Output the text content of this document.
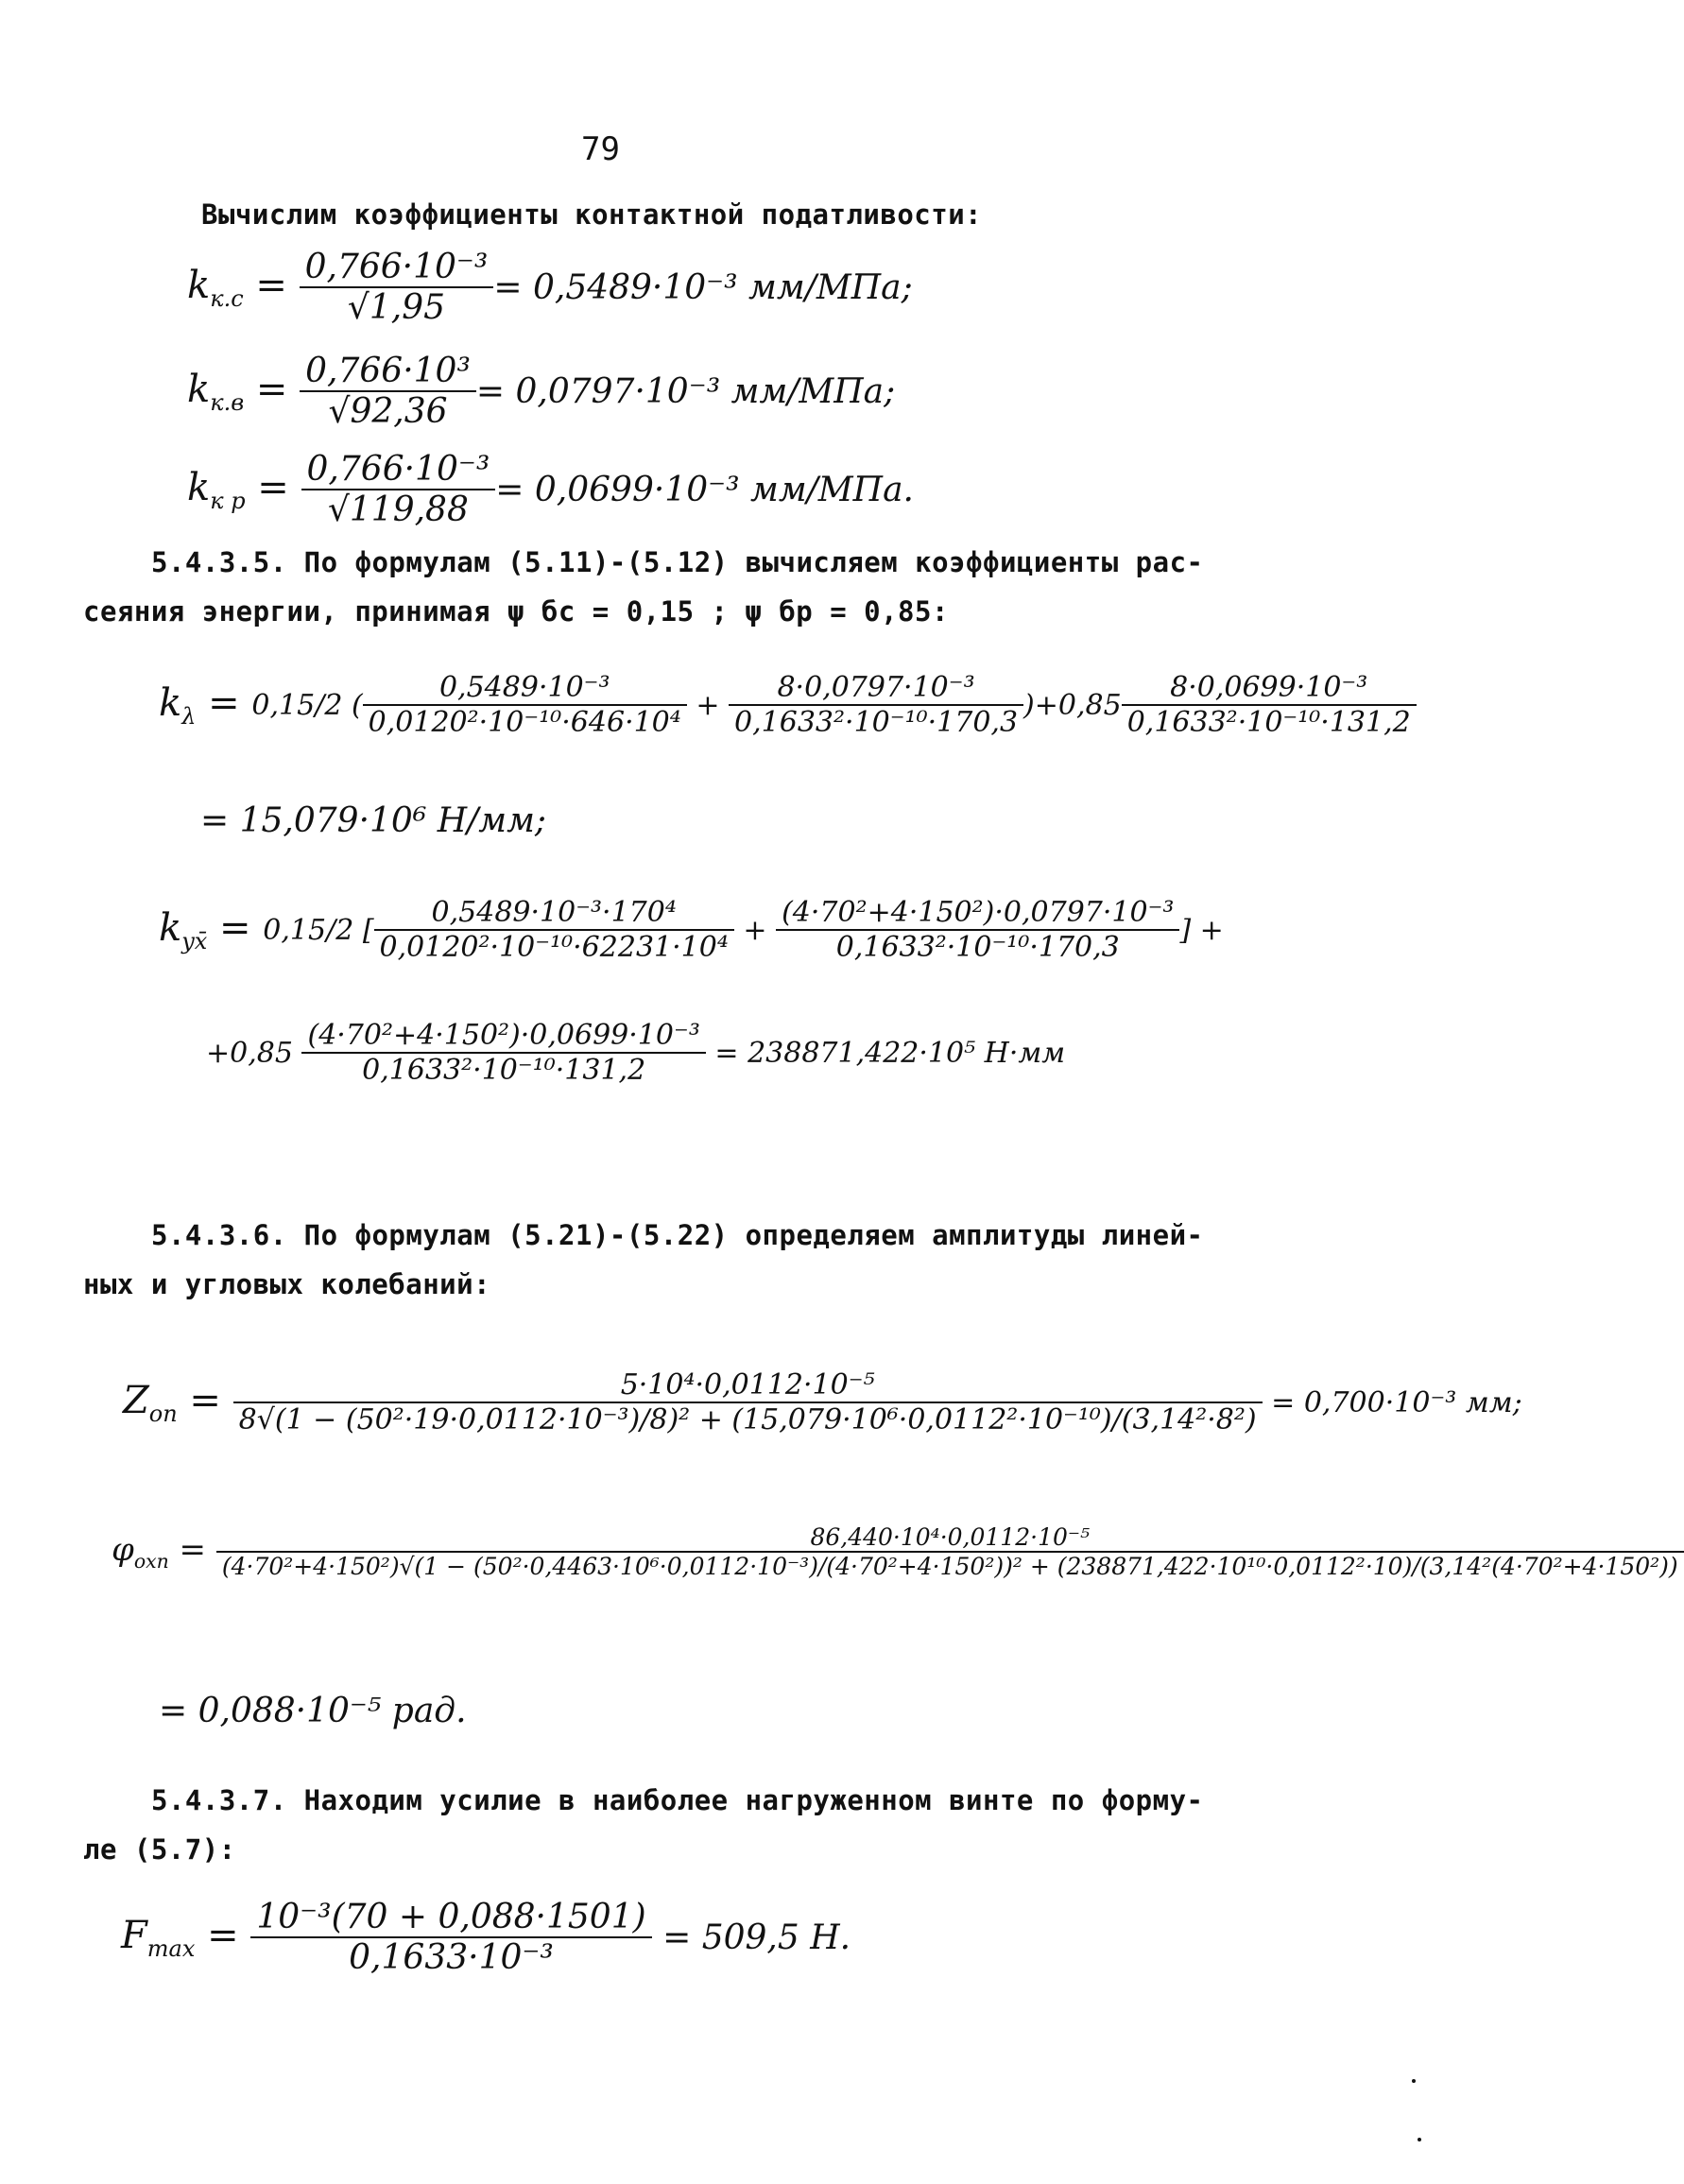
79
Вычислим коэффициенты контактной податливости:
$k_{к.с} = \frac{\text{0,766·10⁻³}}{√1,95} = 0,5489\cdot 10^{-3}$ мм/МПа;
$k_{к.в} = \frac{\text{0,766·10³}}{√92,36} = 0,0797\cdot 10^{-3}$ мм/МПа;
$k_{к р} = \frac{\text{0,766·10⁻³}}{√119,88} = 0,0699\cdot 10^{-3}$ мм/МПа.
5.4.3.5. По формулам (5.11)-(5.12) вычисляем коэффициенты рас-
сеяния энергии, принимая ψ бс = 0,15 ; ψ бр = 0,85:
$k_\lambda = 0,15/2$ ( $\frac{\text{0,5489·10⁻³}}{\text{0,0120²·10⁻¹⁰·646·10⁴}} + \frac{\text{8·0,0797·10⁻³}}{\text{0,1633²·10⁻¹⁰·170,3}}$ ) $+0,85 \frac{\text{8·0,0699·10⁻³}}{\text{0,1633²·10⁻¹⁰·131,2}}$
= 15,079·10⁶ Н/мм;
$k_{yx̄} = 0,15/2$ [ $\frac{\text{0,5489·10⁻³·170⁴}}{\text{0,0120²·10⁻¹⁰·62231·10⁴}} + \frac{\text{(4·70²+4·150²)·0,0797·10⁻³}}{\text{0,1633²·10⁻¹⁰·170,3}}$ ] +
+0,85
$\frac{\text{(4·70²+4·150²)·0,0699·10⁻³}}{\text{0,1633²·10⁻¹⁰·131,2}}$
= 238871,422·10⁵ Н·мм
5.4.3.6. По формулам (5.21)-(5.22) определяем амплитуды линей-
ных и угловых колебаний:
$Z_{on}$ =	5·10⁴·0,0112·10⁻⁵
8√(1 − (50²·19·0,0112·10⁻³)/8)² + (15,079·10⁶·0,0112²·10⁻¹⁰)/(3,14²·8²)

= 0,700·10⁻³ мм;
$\varphi_{oxn}$ =	86,440·10⁴·0,0112·10⁻⁵
(4·70²+4·150²)√(1 − (50²·0,4463·10⁶·0,0112·10⁻³)/(4·70²+4·150²))² + (238871,422·10¹⁰·0,0112²·10)/(3,14²(4·70²+4·150²))
= 0,088·10⁻⁵ рад.
5.4.3.7. Находим усилие в наиболее нагруженном винте по форму-
ле (5.7):
$F_{max} = \frac{\text{10⁻³(70 + 0,088·1501)}}{\text{0,1633·10⁻³}}$
= 509,5 Н.
